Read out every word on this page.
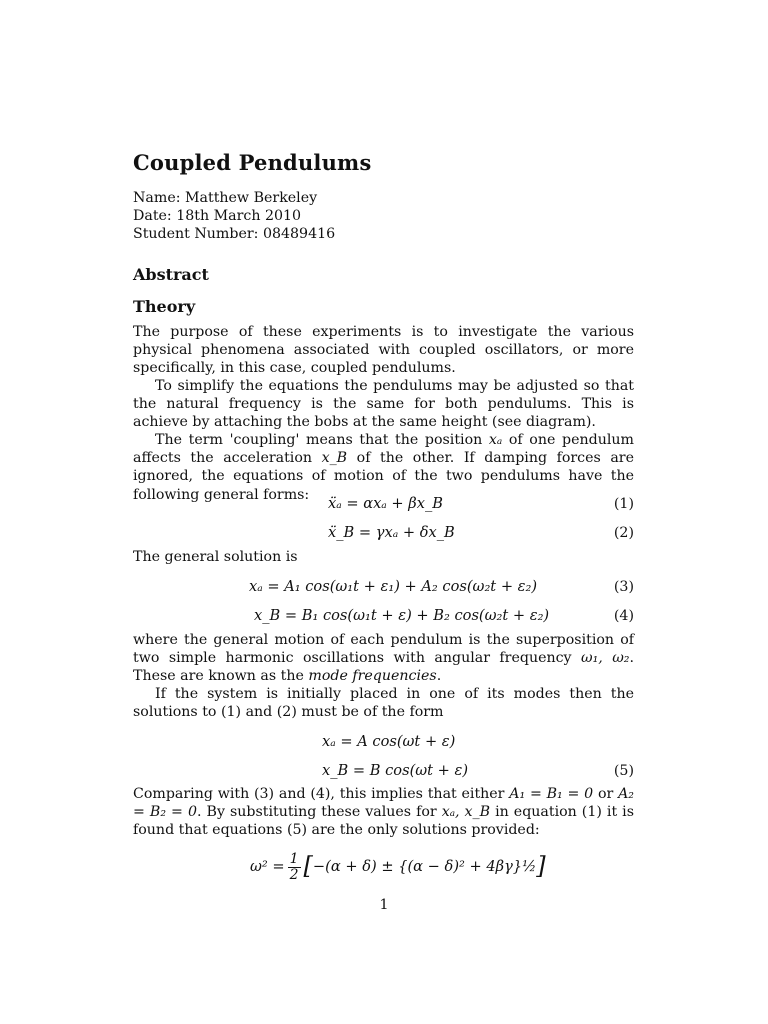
Coupled Pendulums
Name: Matthew Berkeley
Date: 18th March 2010
Student Number: 08489416
Abstract
Theory
The purpose of these experiments is to investigate the various physical phenomena associated with coupled oscillators, or more specifically, in this case, coupled pendulums.
To simplify the equations the pendulums may be adjusted so that the natural frequency is the same for both pendulums. This is achieve by attaching the bobs at the same height (see diagram).
The term 'coupling' means that the position xₐ of one pendulum affects the acceleration x_B of the other. If damping forces are ignored, the equations of motion of the two pendulums have the following general forms:
ẍₐ = αxₐ + βx_B	(1)
ẍ_B = γxₐ + δx_B	(2)
The general solution is
xₐ = A₁ cos(ω₁t + ε₁) + A₂ cos(ω₂t + ε₂)	(3)
x_B = B₁ cos(ω₁t + ε) + B₂ cos(ω₂t + ε₂)	(4)
where the general motion of each pendulum is the superposition of two simple harmonic oscillations with angular frequency ω₁, ω₂. These are known as the mode frequencies.
If the system is initially placed in one of its modes then the solutions to (1) and (2) must be of the form
xₐ = A cos(ωt + ε)
x_B = B cos(ωt + ε)	(5)
Comparing with (3) and (4), this implies that either A₁ = B₁ = 0 or A₂ = B₂ = 0. By substituting these values for xₐ, x_B in equation (1) it is found that equations (5) are the only solutions provided:
$\omega^2 = \frac{1}{2} [-(\alpha + \delta) \pm \{(\alpha - \delta)^2$ + 4βγ}½]
1
